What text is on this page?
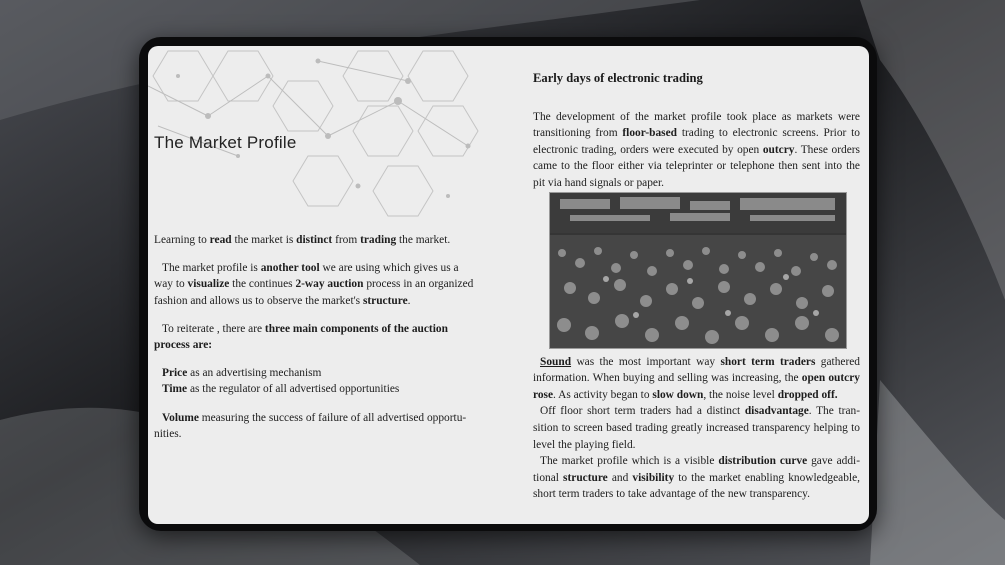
The Market Profile

Learning to read the market is distinct from trading the market.

The market profile is another tool we are using which gives us a way to visualize the continues 2-way auction process in an organized fashion and allows us to observe the market's structure.

To reiterate , there are three main components of the auction process are:

Price as an advertising mechanism
Time as the regulator of all advertised opportunities

Volume measuring the success of failure of all advertised opportunities.

Early days of electronic trading

The development of the market profile took place as markets were transitioning from floor-based trading to electronic screens. Prior to electronic trading, orders were executed by open outcry. These orders came to the floor either via teleprinter or telephone then sent into the pit via hand signals or paper.

Sound was the most important way short term traders gathered information. When buying and selling was increasing, the open outcry rose. As activity began to slow down, the noise level dropped off.

Off floor short term traders had a distinct disadvantage. The transition to screen based trading greatly increased transparency helping to level the playing field.

The market profile which is a visible distribution curve gave additional structure and visibility to the market enabling knowledgeable, short term traders to take advantage of the new transparency.
